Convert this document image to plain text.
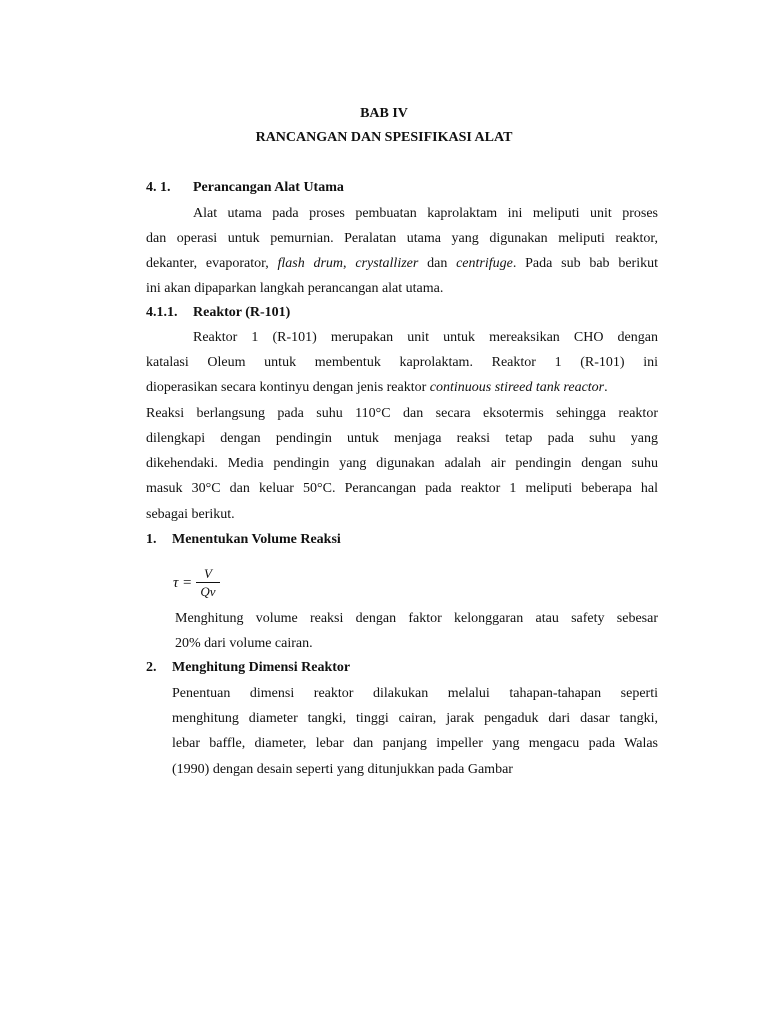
BAB IV
RANCANGAN DAN SPESIFIKASI ALAT
4. 1. Perancangan Alat Utama
Alat utama pada proses pembuatan kaprolaktam ini meliputi unit proses
dan operasi untuk pemurnian. Peralatan utama yang digunakan meliputi reaktor,
dekanter, evaporator, flash drum, crystallizer dan centrifuge. Pada sub bab berikut
ini akan dipaparkan langkah perancangan alat utama.
4.1.1. Reaktor (R-101)
Reaktor 1 (R-101) merupakan unit untuk mereaksikan CHO dengan
katalasi Oleum untuk membentuk kaprolaktam. Reaktor 1 (R-101) ini
dioperasikan secara kontinyu dengan jenis reaktor continuous stireed tank reactor.
Reaksi berlangsung pada suhu 110°C dan secara eksotermis sehingga reaktor
dilengkapi dengan pendingin untuk menjaga reaksi tetap pada suhu yang
dikehendaki. Media pendingin yang digunakan adalah air pendingin dengan suhu
masuk 30°C dan keluar 50°C. Perancangan pada reaktor 1 meliputi beberapa hal
sebagai berikut.
1. Menentukan Volume Reaksi
τ =
V
Qv
Menghitung volume reaksi dengan faktor kelonggaran atau safety sebesar
20% dari volume cairan.
2. Menghitung Dimensi Reaktor
Penentuan dimensi reaktor dilakukan melalui tahapan-tahapan seperti
menghitung diameter tangki, tinggi cairan, jarak pengaduk dari dasar tangki,
lebar baffle, diameter, lebar dan panjang impeller yang mengacu pada Walas
(1990) dengan desain seperti yang ditunjukkan pada Gambar
